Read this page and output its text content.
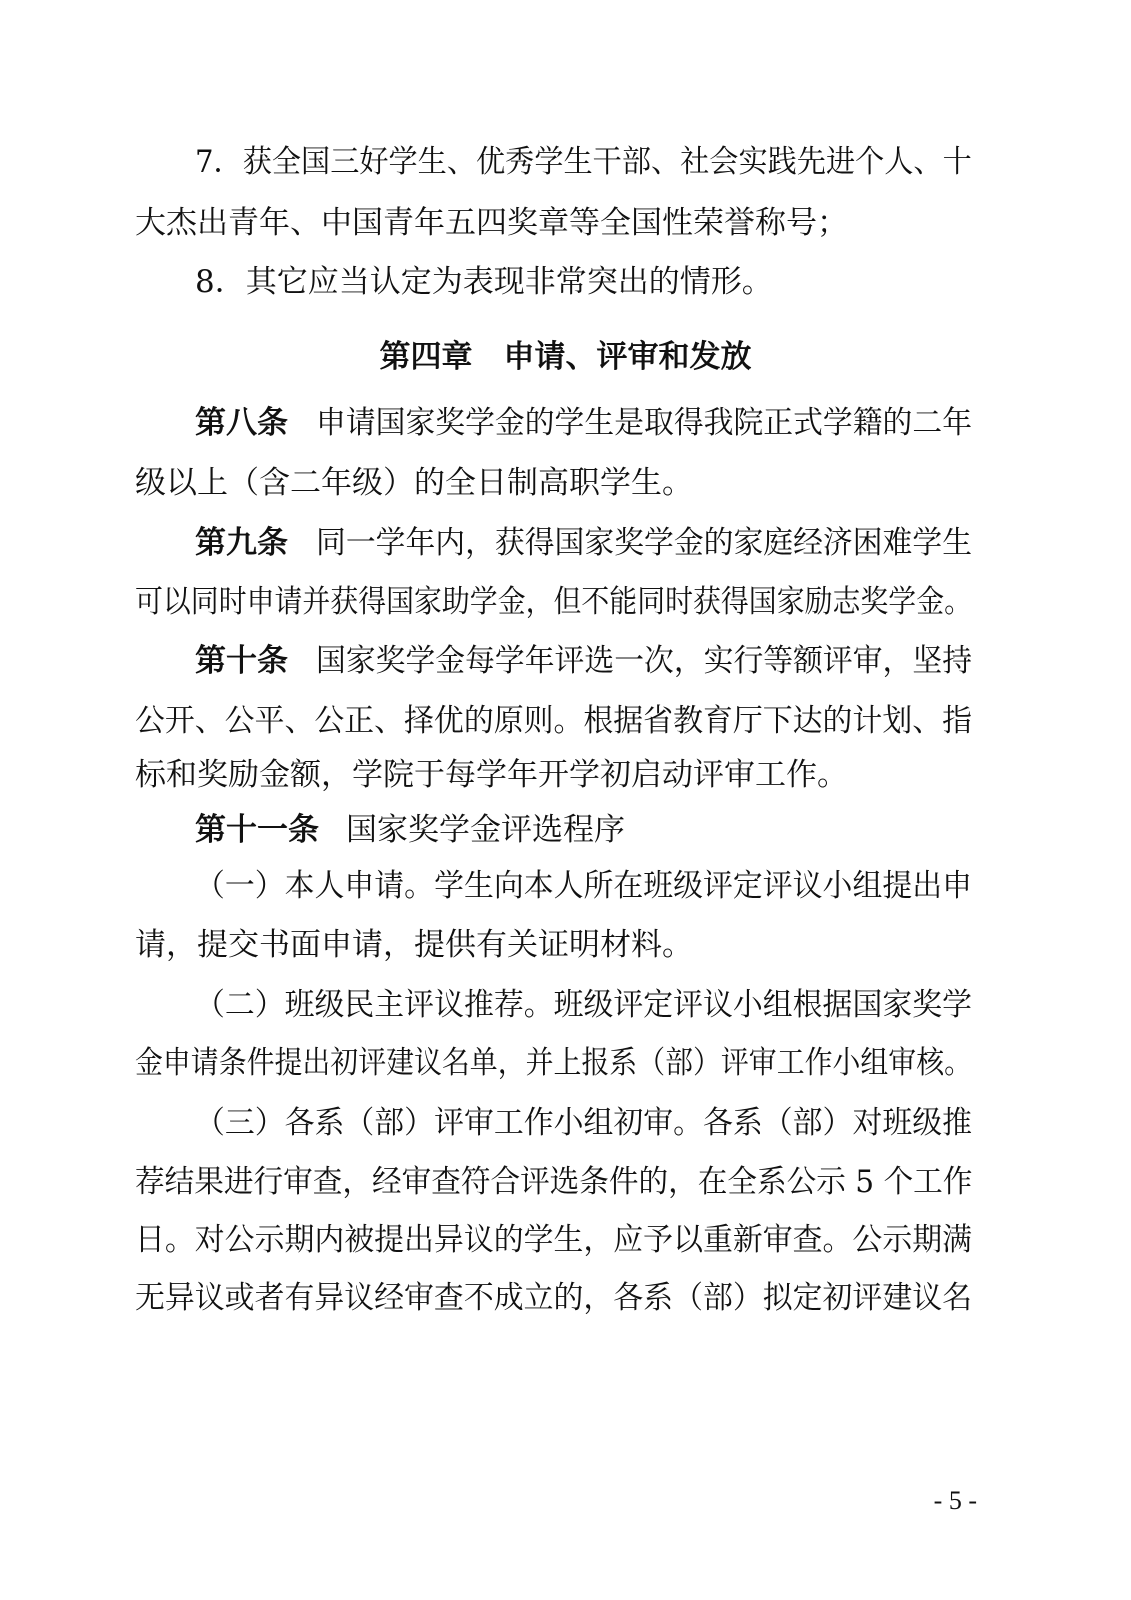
7．获全国三好学生、优秀学生干部、社会实践先进个人、十
大杰出青年、中国青年五四奖章等全国性荣誉称号；
8．其它应当认定为表现非常突出的情形。
第四章　申请、评审和发放
第八条 申请国家奖学金的学生是取得我院正式学籍的二年
级以上（含二年级）的全日制高职学生。
第九条 同一学年内，获得国家奖学金的家庭经济困难学生
可以同时申请并获得国家助学金，但不能同时获得国家励志奖学金。
第十条 国家奖学金每学年评选一次，实行等额评审，坚持
公开、公平、公正、择优的原则。根据省教育厅下达的计划、指
标和奖励金额，学院于每学年开学初启动评审工作。
第十一条 国家奖学金评选程序
（一）本人申请。学生向本人所在班级评定评议小组提出申
请，提交书面申请，提供有关证明材料。
（二）班级民主评议推荐。班级评定评议小组根据国家奖学
金申请条件提出初评建议名单，并上报系（部）评审工作小组审核。
（三）各系（部）评审工作小组初审。各系（部）对班级推
荐结果进行审查，经审查符合评选条件的，在全系公示 5 个工作
日。对公示期内被提出异议的学生，应予以重新审查。公示期满
无异议或者有异议经审查不成立的，各系（部）拟定初评建议名
- 5 -
